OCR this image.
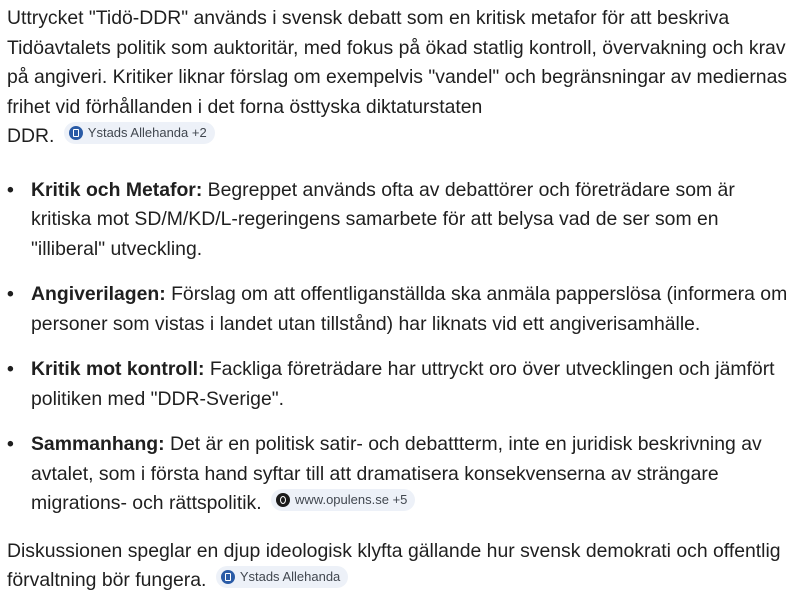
Uttrycket "Tidö-DDR" används i svensk debatt som en kritisk metafor för att beskriva Tidöavtalets politik som auktoritär, med fokus på ökad statlig kontroll, övervakning och krav på angiveri. Kritiker liknar förslag om exempelvis "vandel" och begränsningar av mediernas frihet vid förhållanden i det forna östtyska diktaturstaten
DDR.	Ystads Allehanda +2

• Kritik och Metafor: Begreppet används ofta av debattörer och företrädare som är kritiska mot SD/M/KD/L-regeringens samarbete för att belysa vad de ser som en "illiberal" utveckling.
• Angiverilagen: Förslag om att offentliganställda ska anmäla papperslösa (informera om personer som vistas i landet utan tillstånd) har liknats vid ett angiverisamhälle.
• Kritik mot kontroll: Fackliga företrädare har uttryckt oro över utvecklingen och jämfört politiken med "DDR-Sverige".
• Sammanhang: Det är en politisk satir- och debattterm, inte en juridisk beskrivning av avtalet, som i första hand syftar till att dramatisera konsekvenserna av strängare migrations- och rättspolitik.	www.opulens.se +5

Diskussionen speglar en djup ideologisk klyfta gällande hur svensk demokrati och offentlig förvaltning bör fungera.	Ystads Allehanda
